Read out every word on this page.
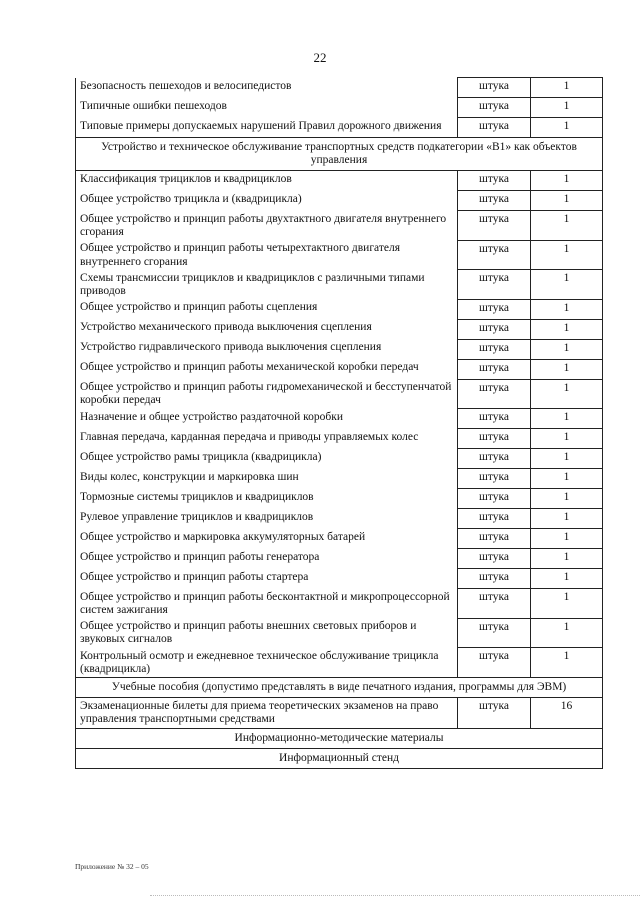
22
Безопасность пешеходов и велосипедистов	штука	1
Типичные ошибки пешеходов	штука	1
Типовые примеры допускаемых нарушений Правил дорожного движения	штука	1
Устройство и техническое обслуживание транспортных средств подкатегории «В1» как объектов управления		
Классификация трициклов и квадрициклов	штука	1
Общее устройство трицикла и (квадрицикла)	штука	1
Общее устройство и принцип работы двухтактного двигателя внутреннего сгорания	штука	1
Общее устройство и принцип работы четырехтактного двигателя внутреннего сгорания	штука	1
Схемы трансмиссии трициклов и квадрициклов с различными типами приводов	штука	1
Общее устройство и принцип работы сцепления	штука	1
Устройство механического привода выключения сцепления	штука	1
Устройство гидравлического привода выключения сцепления	штука	1
Общее устройство и принцип работы механической коробки передач	штука	1
Общее устройство и принцип работы гидромеханической и бесступенчатой коробки передач	штука	1
Назначение и общее устройство раздаточной коробки	штука	1
Главная передача, карданная передача и приводы управляемых колес	штука	1
Общее устройство рамы трицикла (квадрицикла)	штука	1
Виды колес, конструкции и маркировка шин	штука	1
Тормозные системы трициклов и квадрициклов	штука	1
Рулевое управление трициклов и квадрициклов	штука	1
Общее устройство и маркировка аккумуляторных батарей	штука	1
Общее устройство и принцип работы генератора	штука	1
Общее устройство и принцип работы стартера	штука	1
Общее устройство и принцип работы бесконтактной и микропроцессорной систем зажигания	штука	1
Общее устройство и принцип работы внешних световых приборов и звуковых сигналов	штука	1
Контрольный осмотр и ежедневное техническое обслуживание трицикла (квадрицикла)	штука	1
Учебные пособия (допустимо представлять в виде печатного издания, программы для ЭВМ)		
Экзаменационные билеты для приема теоретических экзаменов на право управления транспортными средствами	штука	16
Информационно-методические материалы		
Информационный стенд		
Приложение № 32 – 05
